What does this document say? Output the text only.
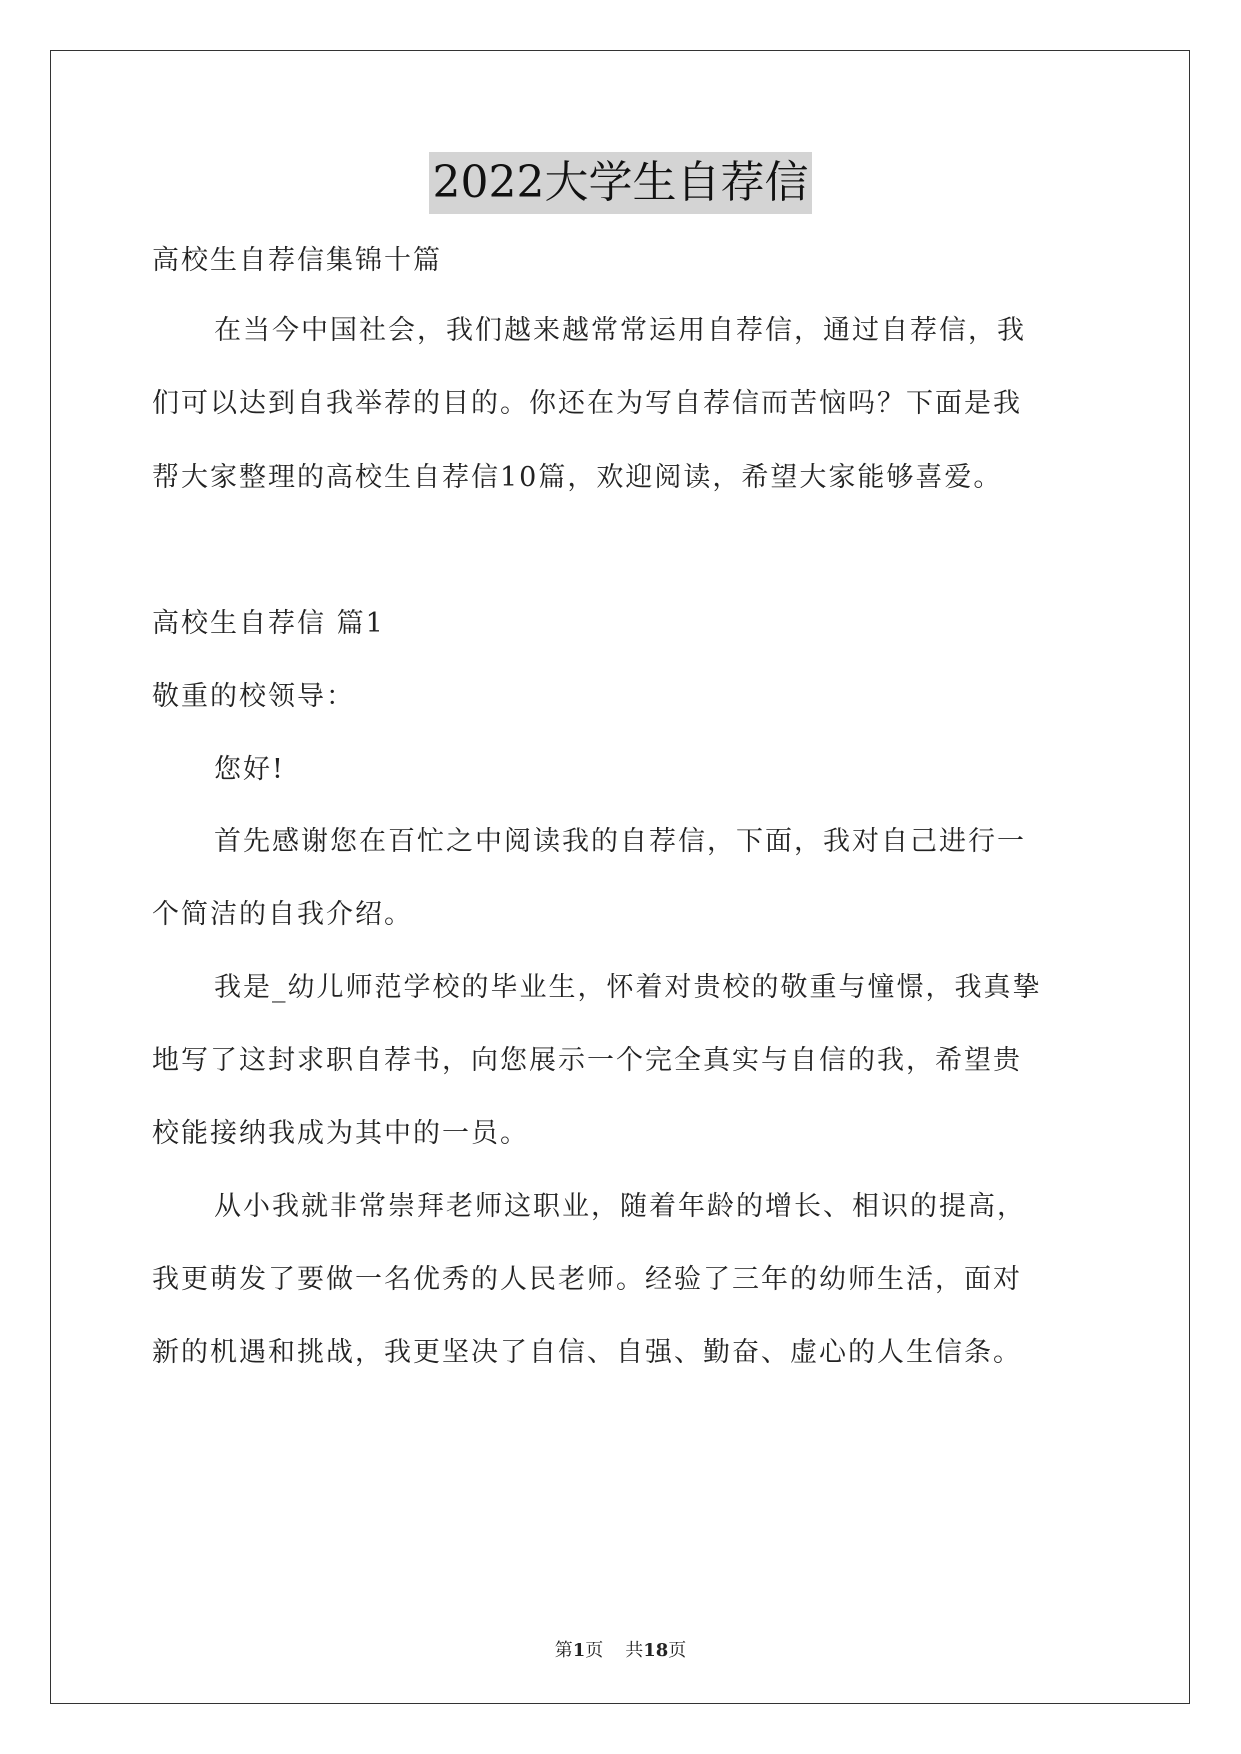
2022大学生自荐信
高校生自荐信集锦十篇
在当今中国社会，我们越来越常常运用自荐信，通过自荐信，我
们可以达到自我举荐的目的。你还在为写自荐信而苦恼吗？下面是我
帮大家整理的高校生自荐信10篇，欢迎阅读，希望大家能够喜爱。
高校生自荐信 篇1
敬重的校领导：
您好!
首先感谢您在百忙之中阅读我的自荐信，下面，我对自己进行一
个简洁的自我介绍。
我是_幼儿师范学校的毕业生，怀着对贵校的敬重与憧憬，我真挚
地写了这封求职自荐书，向您展示一个完全真实与自信的我，希望贵
校能接纳我成为其中的一员。
从小我就非常崇拜老师这职业，随着年龄的增长、相识的提高，
我更萌发了要做一名优秀的人民老师。经验了三年的幼师生活，面对
新的机遇和挑战，我更坚决了自信、自强、勤奋、虚心的人生信条。
第1页 共18页
